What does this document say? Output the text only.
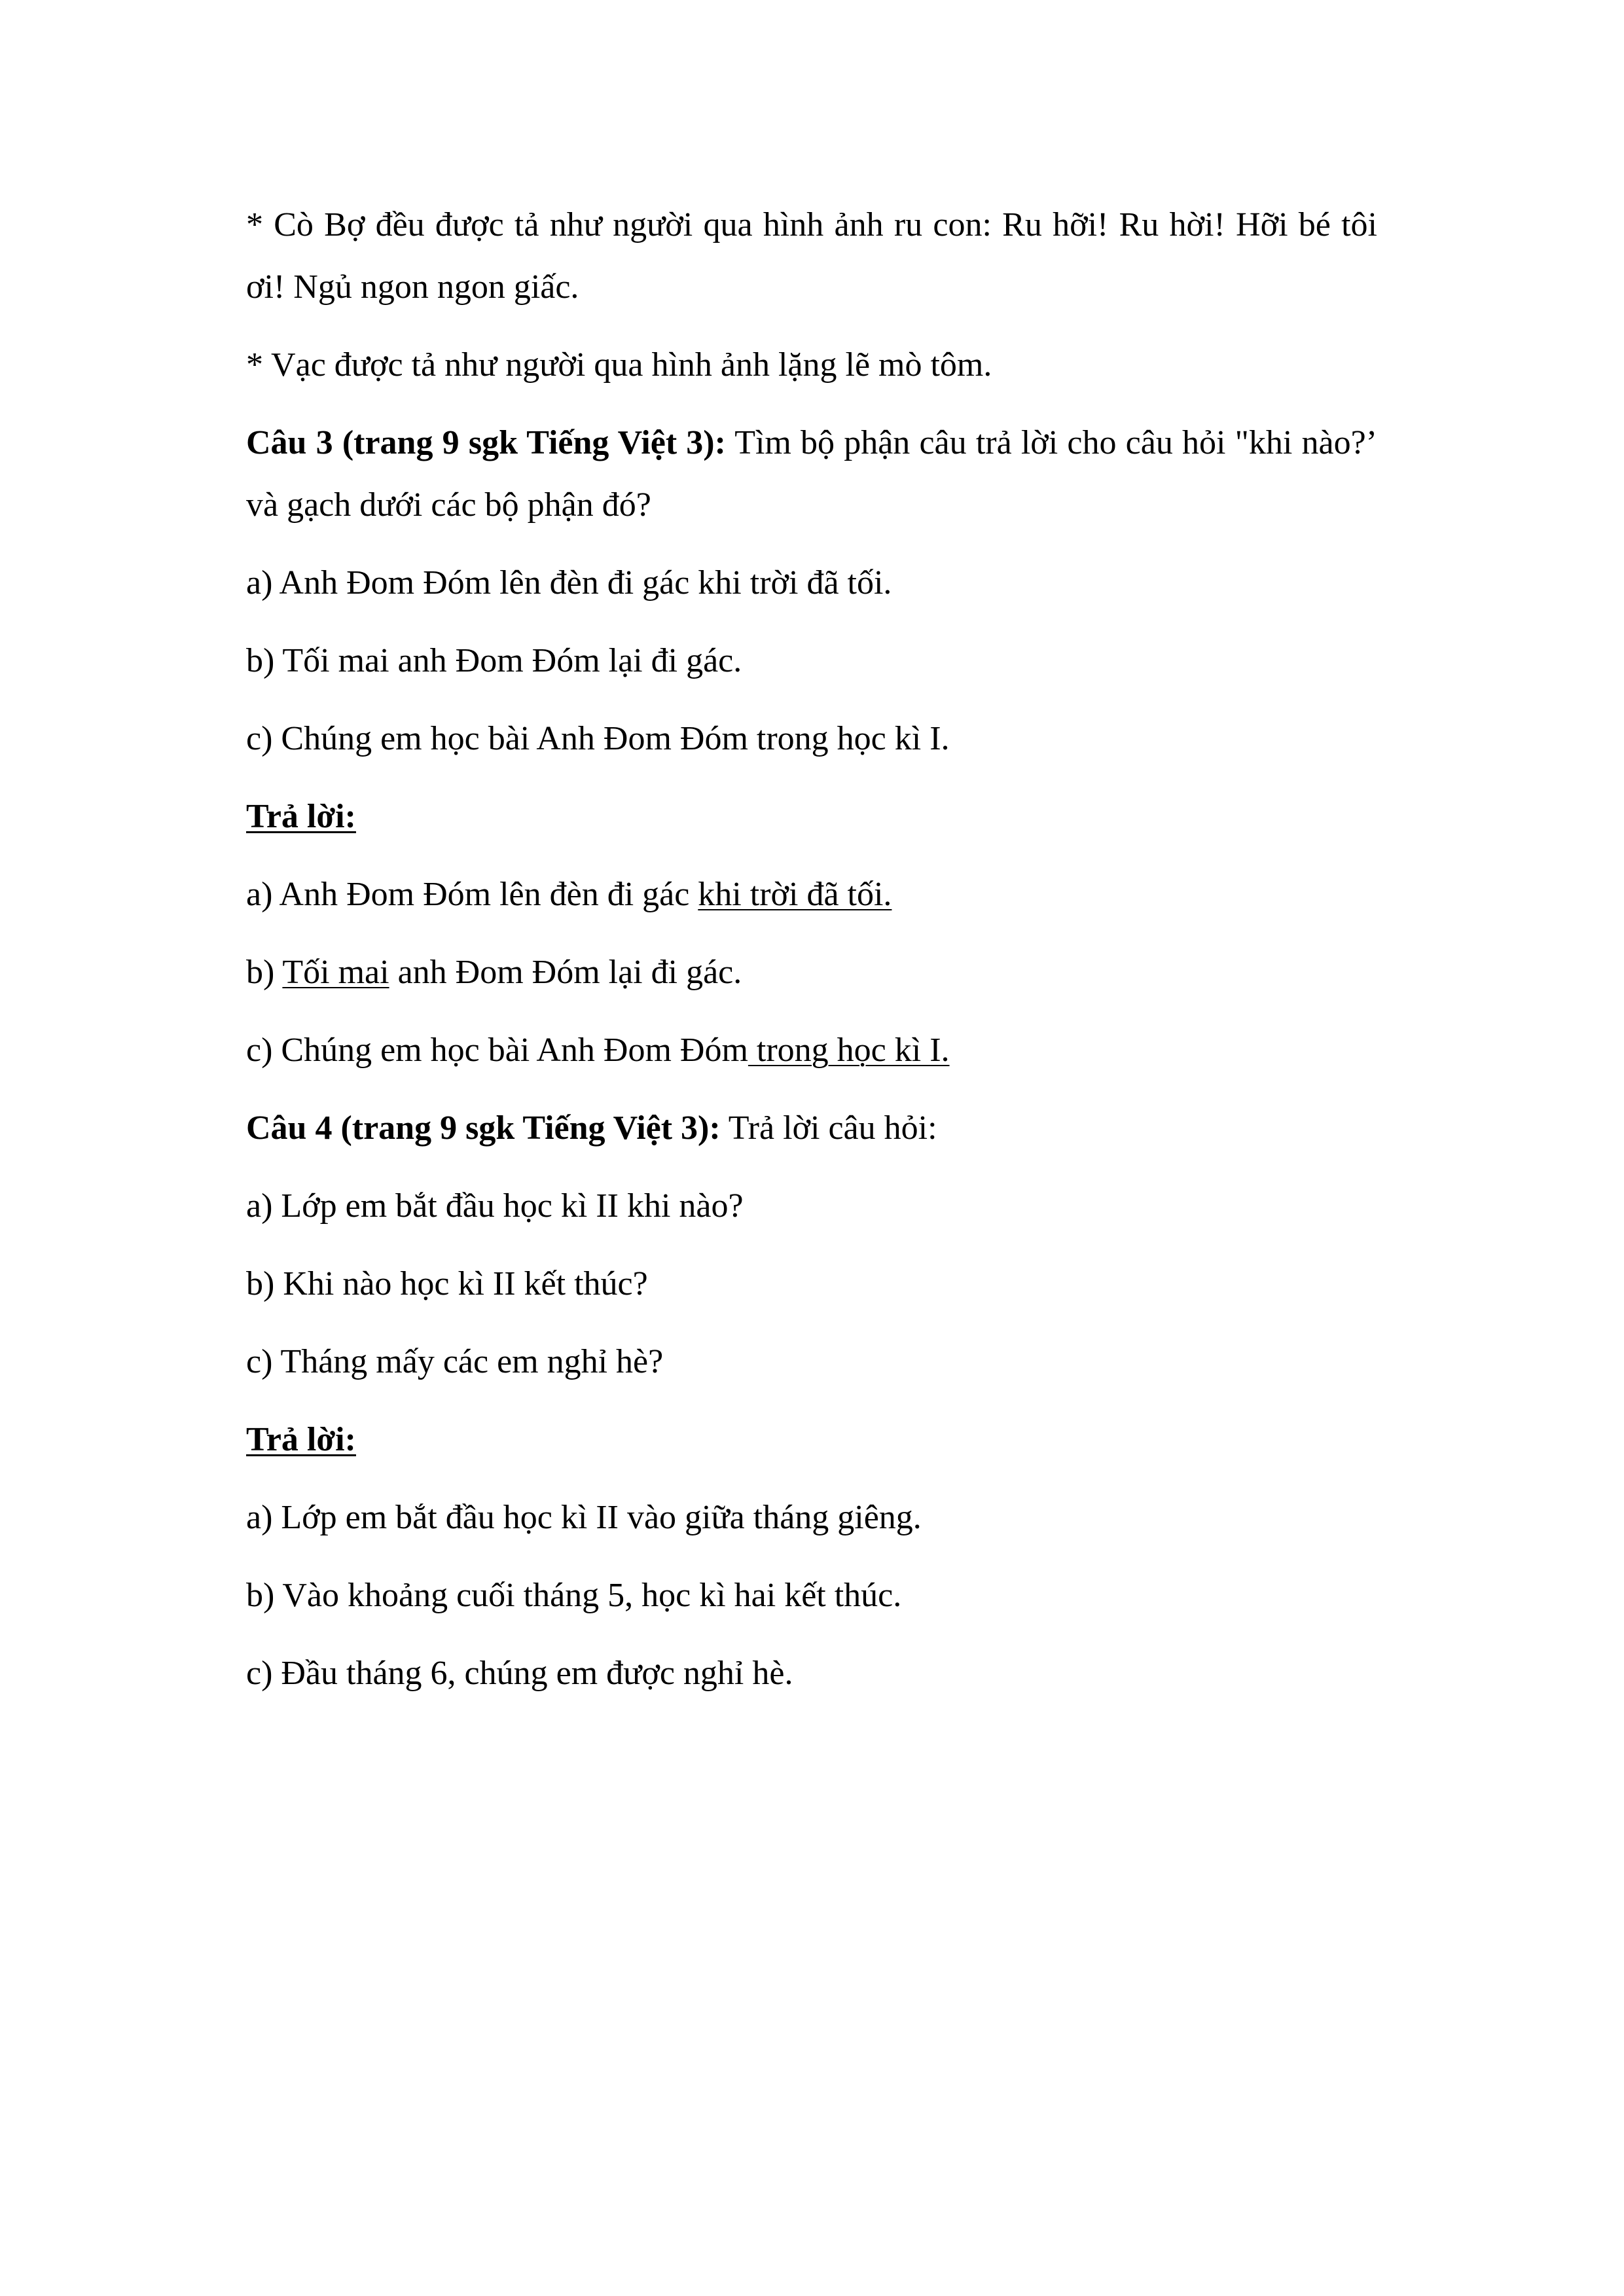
* Cò Bợ đều được tả như người qua hình ảnh ru con: Ru hỡi! Ru hời! Hỡi bé tôi ơi! Ngủ ngon ngon giấc.

* Vạc được tả như người qua hình ảnh lặng lẽ mò tôm.

Câu 3 (trang 9 sgk Tiếng Việt 3): Tìm bộ phận câu trả lời cho câu hỏi "khi nào?’ và gạch dưới các bộ phận đó?

a) Anh Đom Đóm lên đèn đi gác khi trời đã tối.

b) Tối mai anh Đom Đóm lại đi gác.

c) Chúng em học bài Anh Đom Đóm trong học kì I.

Trả lời:

a) Anh Đom Đóm lên đèn đi gác khi trời đã tối.

b) Tối mai anh Đom Đóm lại đi gác.

c) Chúng em học bài Anh Đom Đóm trong học kì I.

Câu 4 (trang 9 sgk Tiếng Việt 3): Trả lời câu hỏi:

a) Lớp em bắt đầu học kì II khi nào?

b) Khi nào học kì II kết thúc?

c) Tháng mấy các em nghỉ hè?

Trả lời:

a) Lớp em bắt đầu học kì II vào giữa tháng giêng.

b) Vào khoảng cuối tháng 5, học kì hai kết thúc.

c) Đầu tháng 6, chúng em được nghỉ hè.
